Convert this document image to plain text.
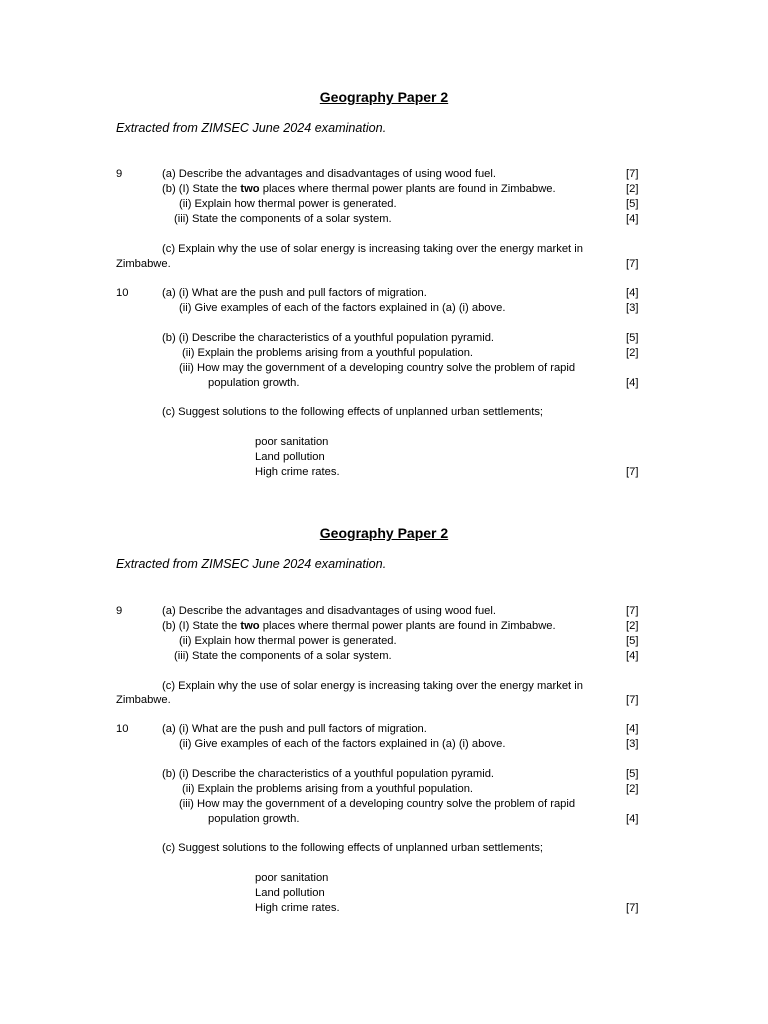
Geography Paper 2
Extracted from ZIMSEC June 2024 examination.
9	(a) Describe the advantages and disadvantages of using wood fuel.	[7]
(b) (I) State the two places where thermal power plants are found in Zimbabwe.	[2]
(ii) Explain how thermal power is generated.	[5]
(iii) State the components of a solar system.	[4]
(c) Explain why the use of solar energy is increasing taking over the energy market in
Zimbabwe.	[7]
10	(a) (i) What are the push and pull factors of migration.	[4]
(ii) Give examples of each of the factors explained in (a) (i) above.	[3]
(b) (i) Describe the characteristics of a youthful population pyramid.	[5]
(ii) Explain the problems arising from a youthful population.	[2]
(iii) How may the government of a developing country solve the problem of rapid
population growth.	[4]
(c) Suggest solutions to the following effects of unplanned urban settlements;
poor sanitation
Land pollution
High crime rates.	[7]
Geography Paper 2
Extracted from ZIMSEC June 2024 examination.
9	(a) Describe the advantages and disadvantages of using wood fuel.	[7]
(b) (I) State the two places where thermal power plants are found in Zimbabwe.	[2]
(ii) Explain how thermal power is generated.	[5]
(iii) State the components of a solar system.	[4]
(c) Explain why the use of solar energy is increasing taking over the energy market in
Zimbabwe.	[7]
10	(a) (i) What are the push and pull factors of migration.	[4]
(ii) Give examples of each of the factors explained in (a) (i) above.	[3]
(b) (i) Describe the characteristics of a youthful population pyramid.	[5]
(ii) Explain the problems arising from a youthful population.	[2]
(iii) How may the government of a developing country solve the problem of rapid
population growth.	[4]
(c) Suggest solutions to the following effects of unplanned urban settlements;
poor sanitation
Land pollution
High crime rates.	[7]
